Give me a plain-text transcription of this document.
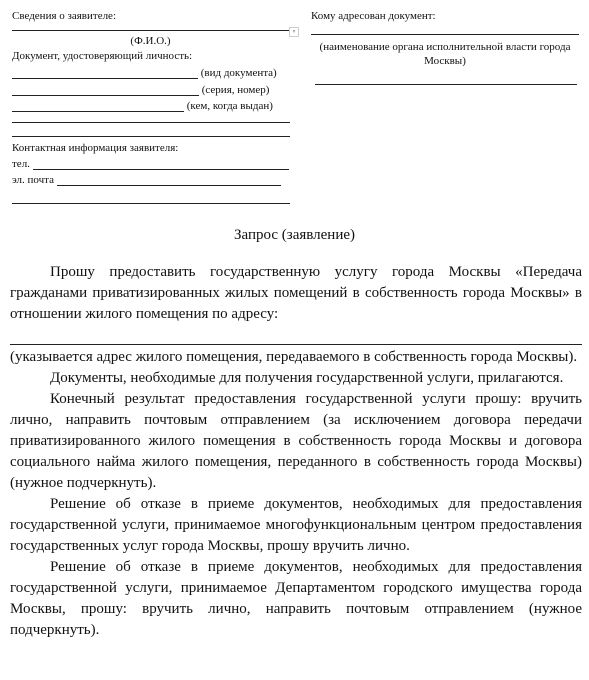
Сведения о заявителе:
▾
(Ф.И.О.)
Документ, удостоверяющий личность:
(вид документа)
(серия, номер)
(кем, когда выдан)
Контактная информация заявителя:
тел.
эл. почта
Кому адресован документ:
(наименование органа исполнительной власти города Москвы)
Запрос (заявление)

Прошу предоставить государственную услугу города Москвы «Передача гражданами приватизированных жилых помещений в собственность города Москвы» в отношении жилого помещения по адресу:

(указывается адрес жилого помещения, передаваемого в собственность города Москвы).

Документы, необходимые для получения государственной услуги, прилагаются.

Конечный результат предоставления государственной услуги прошу: вручить лично, направить почтовым отправлением (за исключением договора передачи приватизированного жилого помещения в собственность города Москвы и договора социального найма жилого помещения, переданного в собственность города Москвы) (нужное подчеркнуть).

Решение об отказе в приеме документов, необходимых для предоставления государственной услуги, принимаемое многофункциональным центром предоставления государственных услуг города Москвы, прошу вручить лично.

Решение об отказе в приеме документов, необходимых для предоставления государственной услуги, принимаемое Департаментом городского имущества города Москвы, прошу: вручить лично, направить почтовым отправлением (нужное подчеркнуть).
